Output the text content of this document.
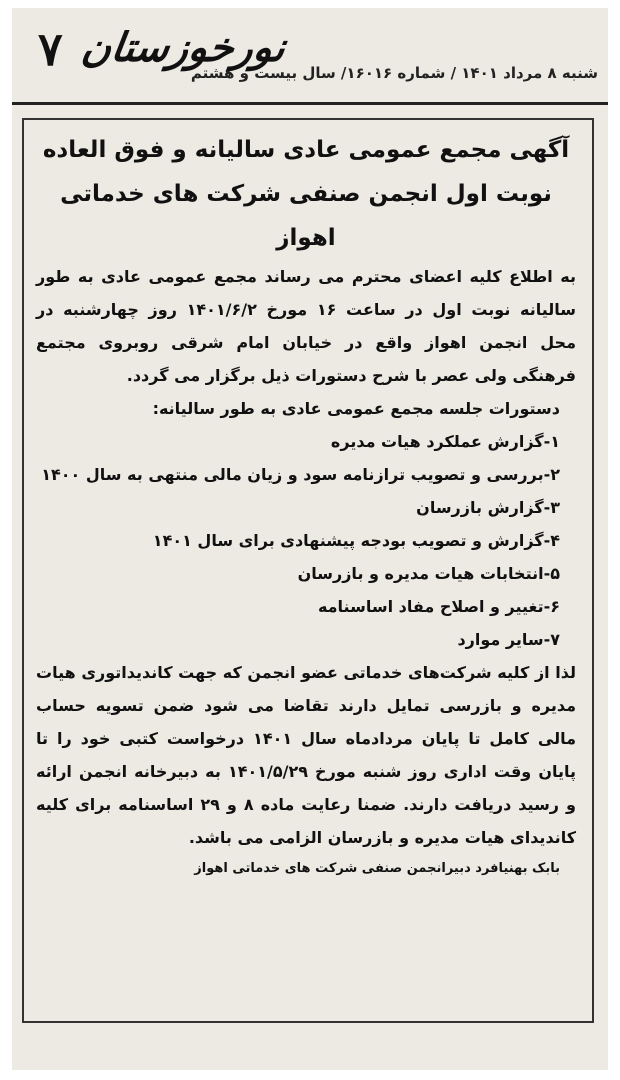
۷ نورخوزستان
شنبه ۸ مرداد ۱۴۰۱ / شماره ۱۶۰۱۶/ سال بیست و هشتم

آگهی مجمع عمومی عادی سالیانه و فوق العاده

نوبت اول انجمن صنفی شرکت های خدماتی اهواز

به اطلاع کلیه اعضای محترم می رساند مجمع عمومی عادی به طور سالیانه نوبت اول در ساعت ۱۶ مورخ ۱۴۰۱/۶/۲ روز چهارشنبه در محل انجمن اهواز واقع در خیابان امام شرقی روبروی مجتمع فرهنگی ولی عصر با شرح دستورات ذیل برگزار می گردد.

دستورات جلسه مجمع عمومی عادی به طور سالیانه:

۱-گزارش عملکرد هیات مدیره
۲-بررسی و تصویب ترازنامه سود و زیان مالی منتهی به سال ۱۴۰۰
۳-گزارش بازرسان
۴-گزارش و تصویب بودجه پیشنهادی برای سال ۱۴۰۱
۵-انتخابات هیات مدیره و بازرسان
۶-تغییر و اصلاح مفاد اساسنامه
۷-سایر موارد

لذا از کلیه شرکت‌های خدماتی عضو انجمن که جهت کاندیداتوری هیات مدیره و بازرسی تمایل دارند تقاضا می شود ضمن تسویه حساب مالی کامل تا پایان مردادماه سال ۱۴۰۱ درخواست کتبی خود را تا پایان وقت اداری روز شنبه مورخ ۱۴۰۱/۵/۲۹ به دبیرخانه انجمن ارائه و رسید دریافت دارند. ضمنا رعایت ماده ۸ و ۲۹ اساسنامه برای کلیه کاندیدای هیات مدیره و بازرسان الزامی می باشد.

بابک بهنیافرد دبیرانجمن صنفی شرکت های خدماتی اهواز
